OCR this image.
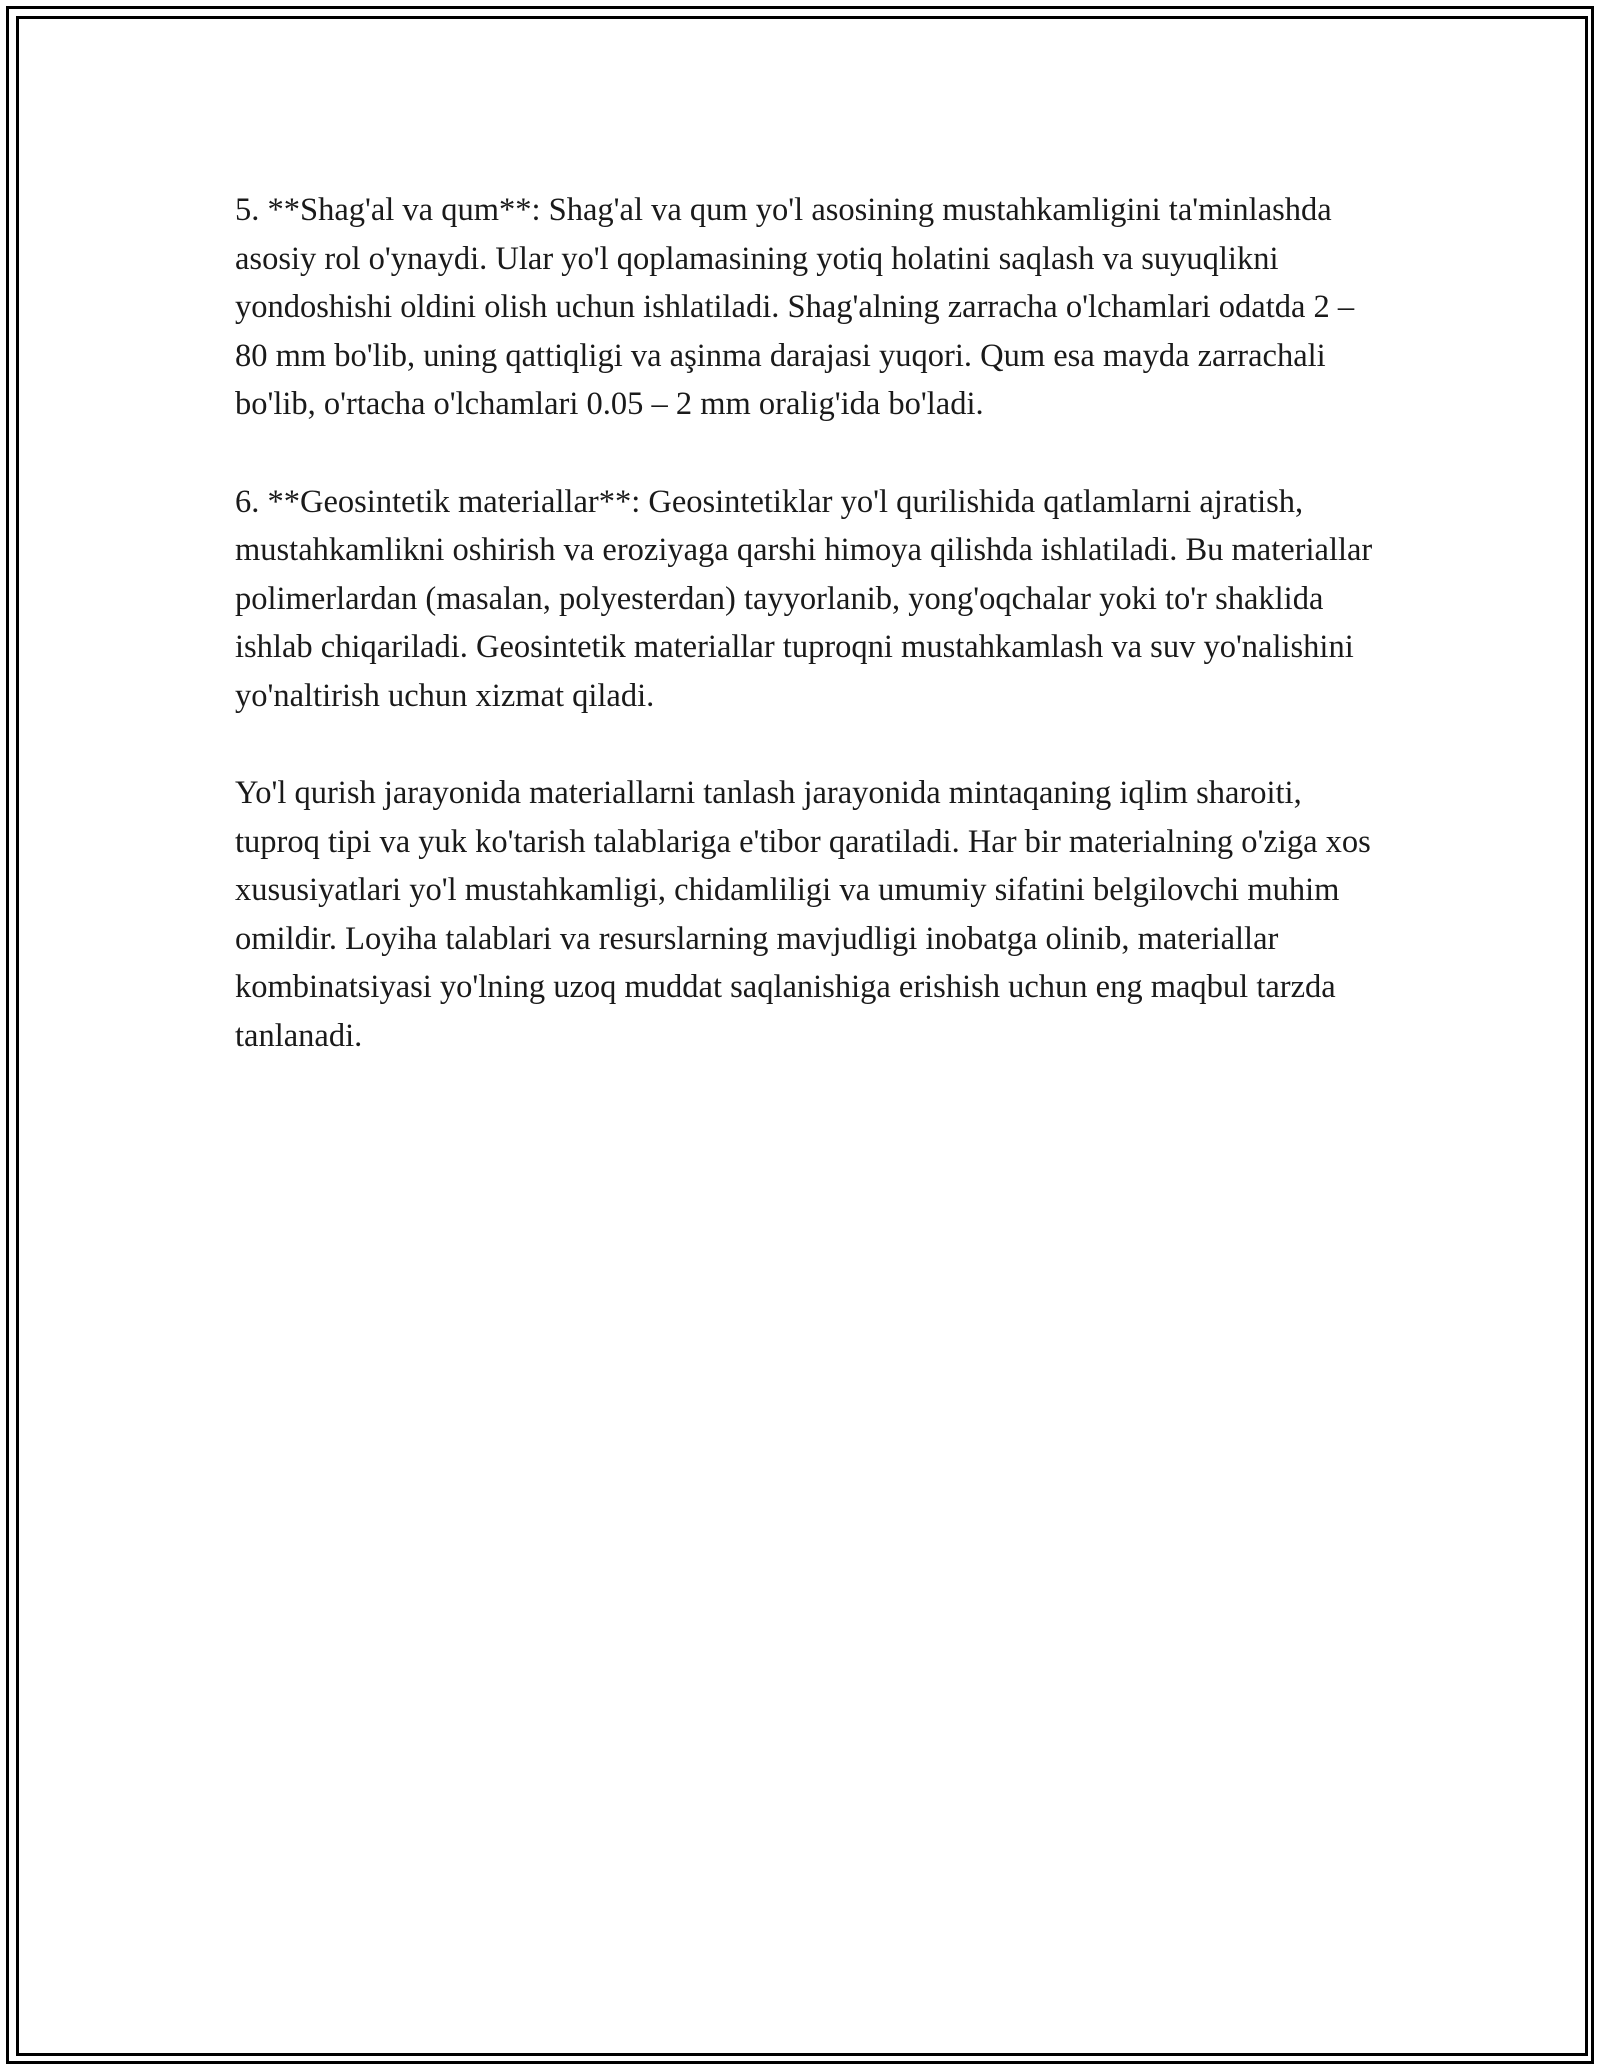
5. **Shag'al va qum**: Shag'al va qum yo'l asosining mustahkamligini ta'minlashda asosiy rol o'ynaydi. Ular yo'l qoplamasining yotiq holatini saqlash va suyuqlikni yondoshishi oldini olish uchun ishlatiladi. Shag'alning zarracha o'lchamlari odatda 2 – 80 mm bo'lib, uning qattiqligi va aşinma darajasi yuqori. Qum esa mayda zarrachali bo'lib, o'rtacha o'lchamlari 0.05 – 2 mm oralig'ida bo'ladi.

6. **Geosintetik materiallar**: Geosintetiklar yo'l qurilishida qatlamlarni ajratish, mustahkamlikni oshirish va eroziyaga qarshi himoya qilishda ishlatiladi. Bu materiallar polimerlardan (masalan, polyesterdan) tayyorlanib, yong'oqchalar yoki to'r shaklida ishlab chiqariladi. Geosintetik materiallar tuproqni mustahkamlash va suv yo'nalishini yo'naltirish uchun xizmat qiladi.

Yo'l qurish jarayonida materiallarni tanlash jarayonida mintaqaning iqlim sharoiti, tuproq tipi va yuk ko'tarish talablariga e'tibor qaratiladi. Har bir materialning o'ziga xos xususiyatlari yo'l mustahkamligi, chidamliligi va umumiy sifatini belgilovchi muhim omildir. Loyiha talablari va resurslarning mavjudligi inobatga olinib, materiallar kombinatsiyasi yo'lning uzoq muddat saqlanishiga erishish uchun eng maqbul tarzda tanlanadi.
